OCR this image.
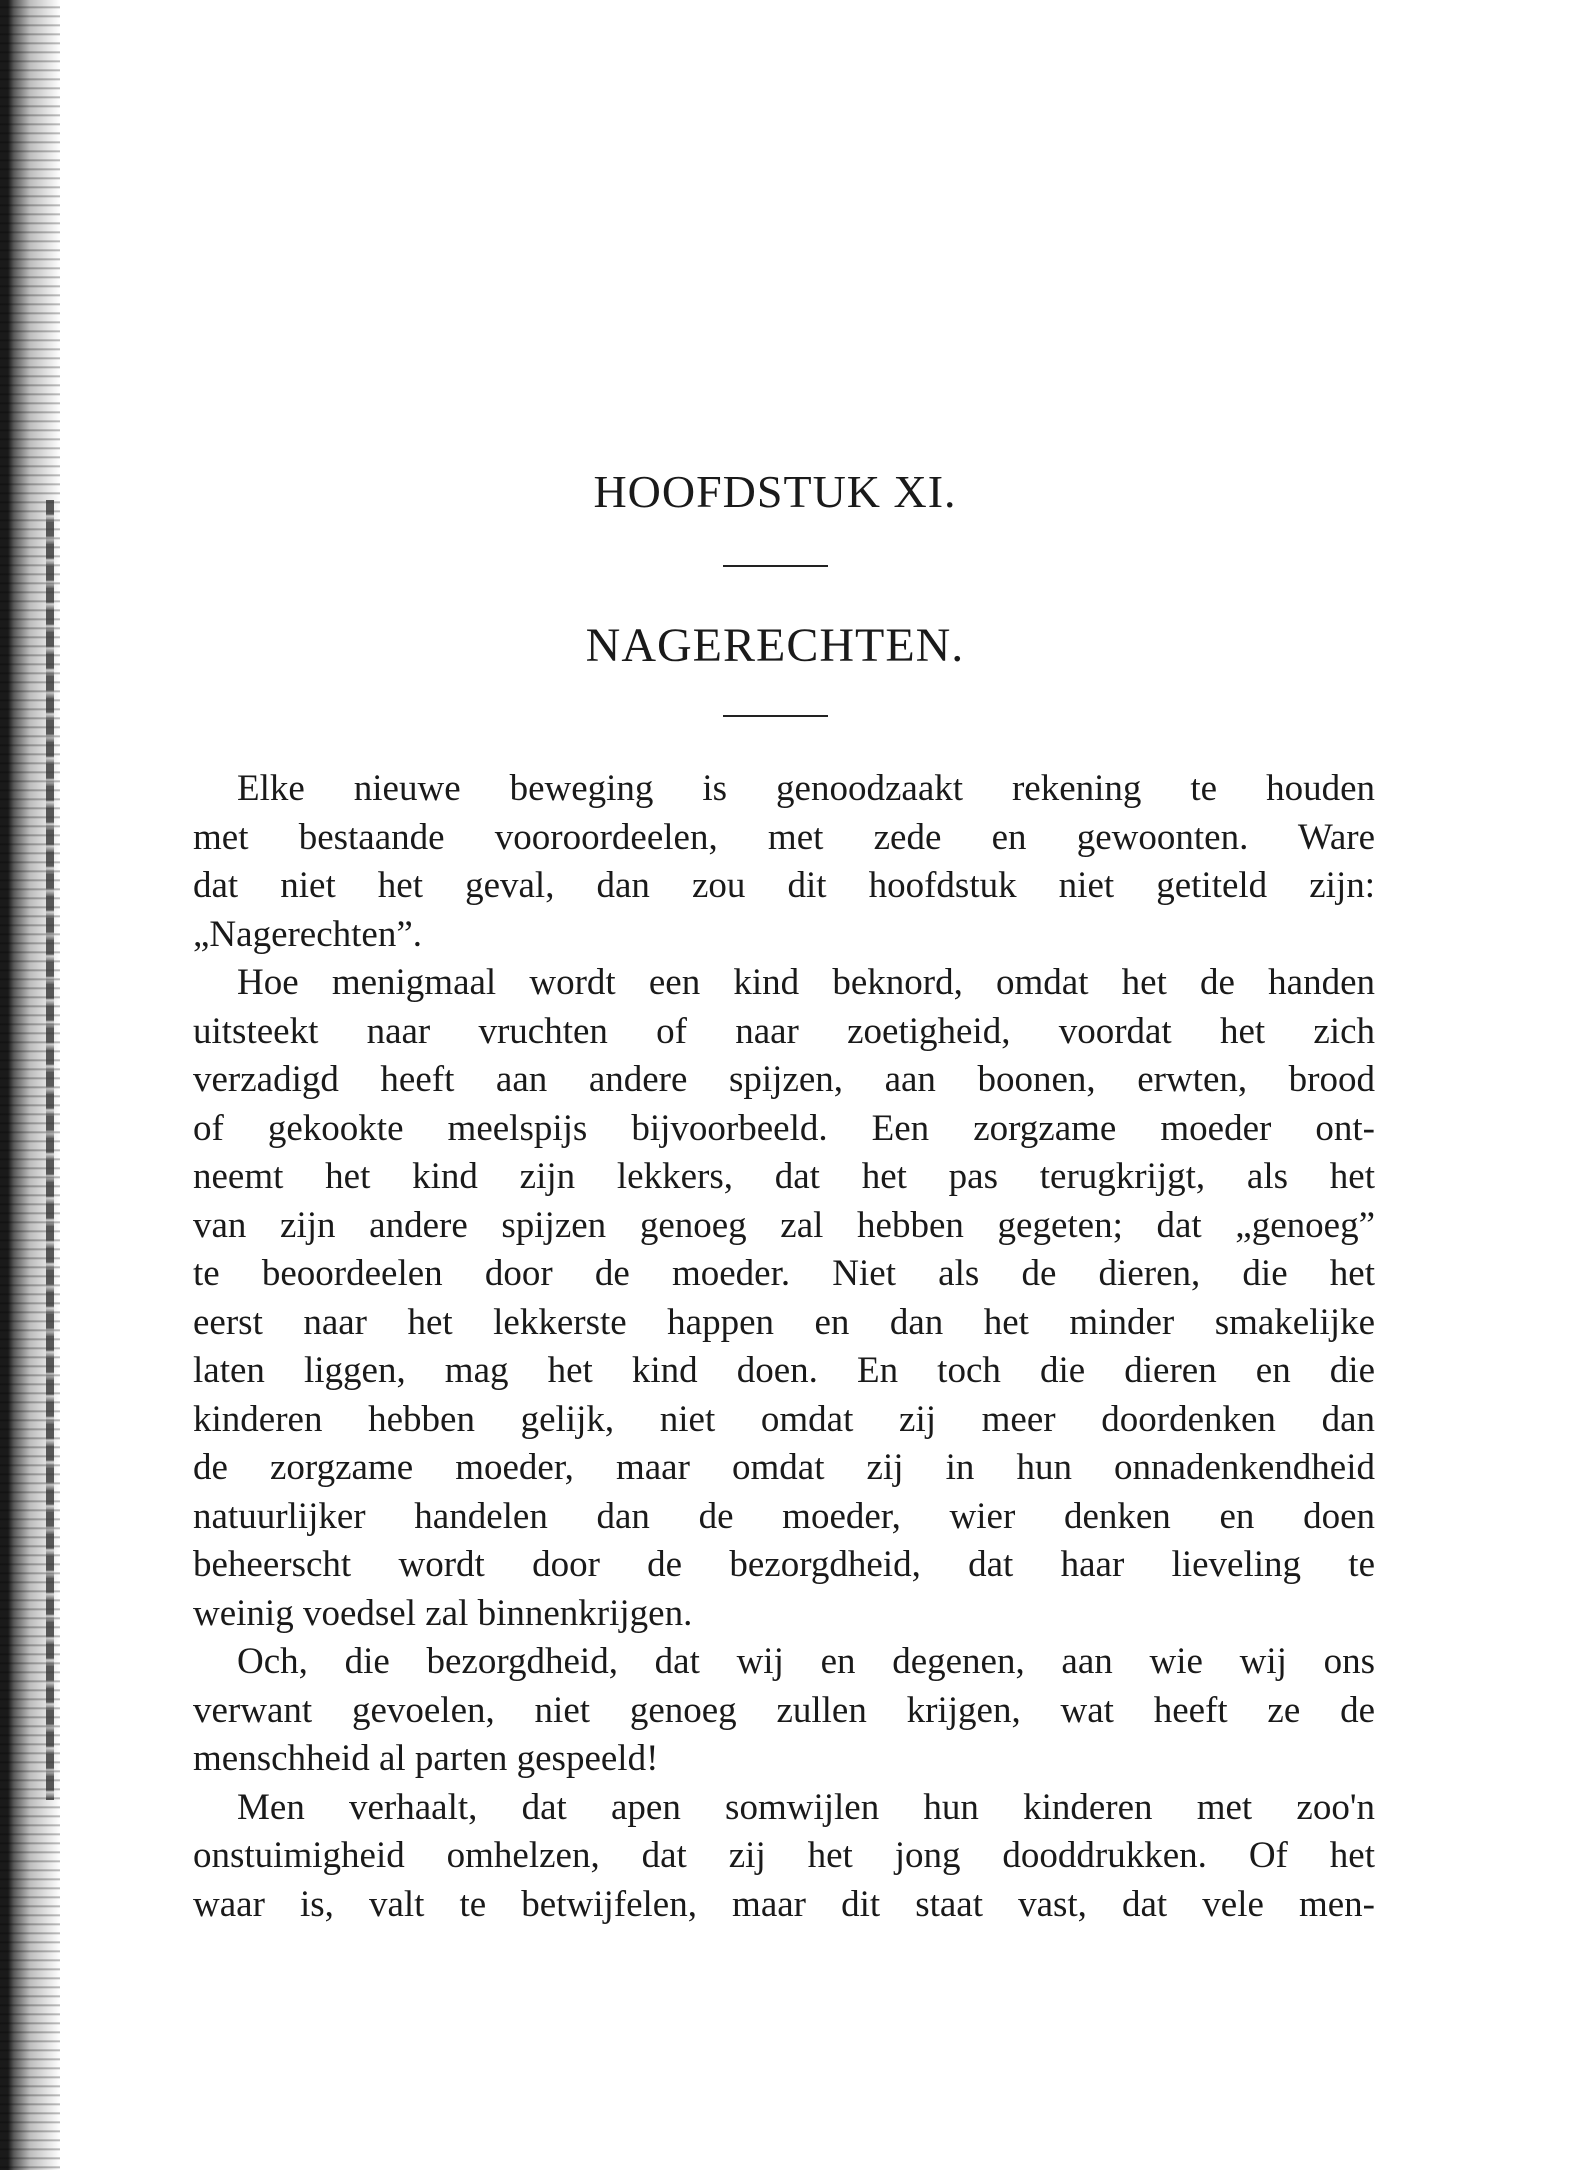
HOOFDSTUK XI.
NAGERECHTEN.
Elke nieuwe beweging is genoodzaakt rekening te houden
met bestaande vooroordeelen, met zede en gewoonten. Ware
dat niet het geval, dan zou dit hoofdstuk niet getiteld zijn:
„Nagerechten”.
Hoe menigmaal wordt een kind beknord, omdat het de handen
uitsteekt naar vruchten of naar zoetigheid, voordat het zich
verzadigd heeft aan andere spijzen, aan boonen, erwten, brood
of gekookte meelspijs bijvoorbeeld. Een zorgzame moeder ont-
neemt het kind zijn lekkers, dat het pas terugkrijgt, als het
van zijn andere spijzen genoeg zal hebben gegeten; dat „genoeg”
te beoordeelen door de moeder. Niet als de dieren, die het
eerst naar het lekkerste happen en dan het minder smakelijke
laten liggen, mag het kind doen. En toch die dieren en die
kinderen hebben gelijk, niet omdat zij meer doordenken dan
de zorgzame moeder, maar omdat zij in hun onnadenkendheid
natuurlijker handelen dan de moeder, wier denken en doen
beheerscht wordt door de bezorgdheid, dat haar lieveling te
weinig voedsel zal binnenkrijgen.
Och, die bezorgdheid, dat wij en degenen, aan wie wij ons
verwant gevoelen, niet genoeg zullen krijgen, wat heeft ze de
menschheid al parten gespeeld!
Men verhaalt, dat apen somwijlen hun kinderen met zoo'n
onstuimigheid omhelzen, dat zij het jong dooddrukken. Of het
waar is, valt te betwijfelen, maar dit staat vast, dat vele men-
